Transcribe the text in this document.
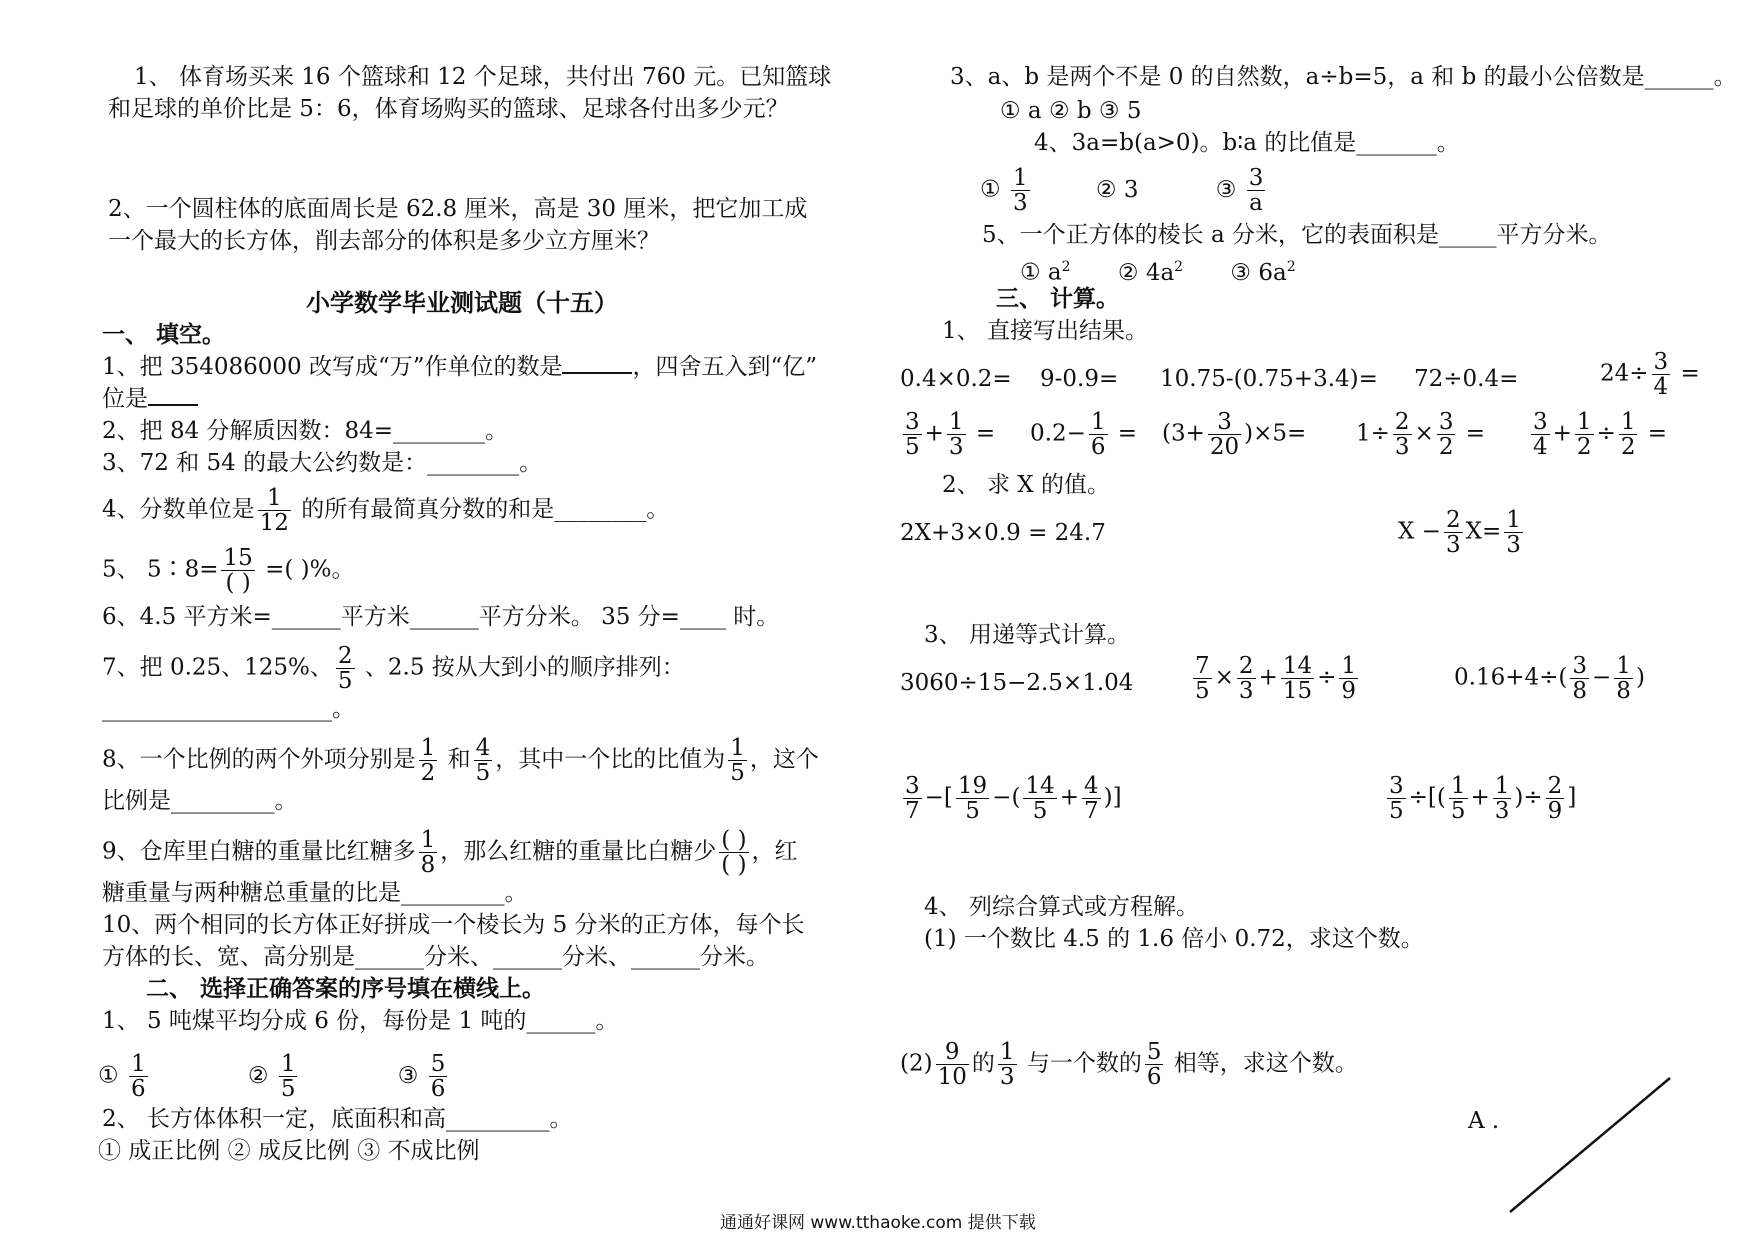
1、 体育场买来 16 个篮球和 12 个足球，共付出 760 元。已知篮球
和足球的单价比是 5：6，体育场购买的篮球、足球各付出多少元？
2、一个圆柱体的底面周长是 62.8 厘米，高是 30 厘米，把它加工成
一个最大的长方体，削去部分的体积是多少立方厘米？
小学数学毕业测试题（十五）
一、 填空。
1、把 354086000 改写成“万”作单位的数是	，四舍五入到“亿”
位是
2、把 84 分解质因数：84=________。
3、72 和 54 的最大公约数是：________。
4、分数单位是 $\frac{1}{12}$ 的所有最简真分数的和是________。
5、 5∶8= $\frac{15}{( )}$ =( )%。
6、4.5 平方米=______平方米______平方分米。 35 分=____ 时。
7、把 0.25、125%、 $\frac{2}{5}$ 、2.5 按从大到小的顺序排列：
____________________。
8、一个比例的两个外项分别是 $\frac{1}{2}$ 和 $\frac{4}{5}$ ，其中一个比的比值为 $\frac{1}{5}$ ，这个
比例是_________。
9、仓库里白糖的重量比红糖多 $\frac{1}{8}$ ，那么红糖的重量比白糖少 $\frac{( )}{( )}$ ，红
糖重量与两种糖总重量的比是_________。
10、两个相同的长方体正好拼成一个棱长为 5 分米的正方体，每个长
方体的长、宽、高分别是______分米、______分米、______分米。
二、 选择正确答案的序号填在横线上。
1、 5 吨煤平均分成 6 份，每份是 1 吨的______。
① $\frac{1}{6}$	② $\frac{1}{5}$	③ $\frac{5}{6}$
2、 长方体体积一定，底面积和高_________。
① 成正比例 ② 成反比例 ③ 不成比例
3、a、b 是两个不是 0 的自然数，a÷b=5，a 和 b 的最小公倍数是______。
① a ② b ③ 5
4、3a=b(a>0)。b∶a 的比值是_______。
① $\frac{1}{3}$	② 3	③ $\frac{3}{a}$
5、一个正方体的棱长 a 分米，它的表面积是_____平方分米。
① $a^2$ ② $4a^2$ ③ $6a^2$
三、 计算。
1、 直接写出结果。
0.4×0.2= 9-0.9= 10.75-(0.75+3.4)= 72÷0.4=	$24\div \frac{3}{4}$ =
$\frac{3}{5} + \frac{1}{3} = 0.2- \frac{1}{6} = (3+ \frac{3}{20} )\times 5= 1\div \frac{2}{3} \times \frac{3}{2} = \frac{3}{4} + \frac{1}{2} \div \frac{1}{2}$ =
2、 求 X 的值。
2X+3×0.9 = 24.7	$X - \frac{2}{3} X= \frac{1}{3}$
3、 用递等式计算。
3060÷15−2.5×1.04	$\frac{7}{5} \times \frac{2}{3} + \frac{14}{15} \div \frac{1}{9}$	$0.16+4\div( \frac{3}{8} - \frac{1}{8}$ )
$\frac{3}{7}$ −[ $\frac{19}{5}$ −( $\frac{14}{5} + \frac{4}{7}$ )]	$\frac{3}{5}$ ÷[( $\frac{1}{5} + \frac{1}{3}$ )÷ $\frac{2}{9}$ ]
4、 列综合算式或方程解。
(1) 一个数比 4.5 的 1.6 倍小 0.72，求这个数。
$(2) \frac{9}{10}$ 的 $\frac{1}{3}$ 与一个数的 $\frac{5}{6}$ 相等，求这个数。
A .
通通好课网 www.tthaoke.com 提供下载
